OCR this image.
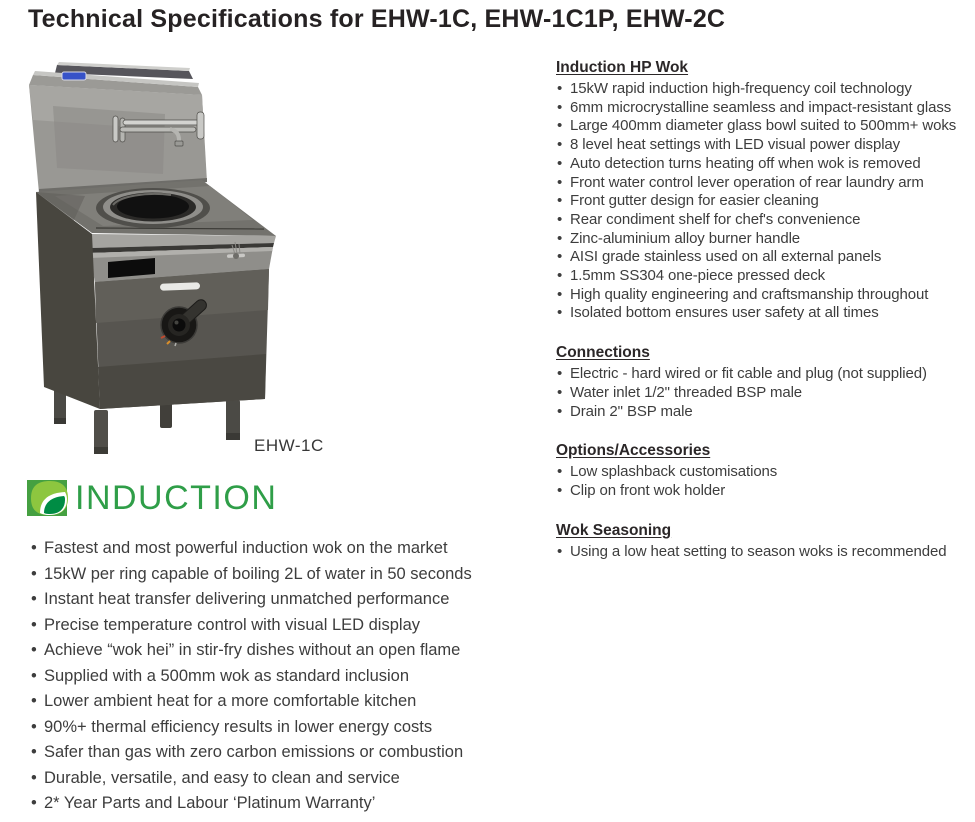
Technical Specifications for EHW-1C, EHW-1C1P, EHW-2C
EHW-1C
INDUCTION
• Fastest and most powerful induction wok on the market
• 15kW per ring capable of boiling 2L of water in 50 seconds
• Instant heat transfer delivering unmatched performance
• Precise temperature control with visual LED display
• Achieve “wok hei” in stir-fry dishes without an open flame
• Supplied with a 500mm wok as standard inclusion
• Lower ambient heat for a more comfortable kitchen
• 90%+ thermal efficiency results in lower energy costs
• Safer than gas with zero carbon emissions or combustion
• Durable, versatile, and easy to clean and service
• 2* Year Parts and Labour ‘Platinum Warranty’
Induction HP Wok
• 15kW rapid induction high-frequency coil technology
• 6mm microcrystalline seamless and impact-resistant glass
• Large 400mm diameter glass bowl suited to 500mm+ woks
• 8 level heat settings with LED visual power display
• Auto detection turns heating off when wok is removed
• Front water control lever operation of rear laundry arm
• Front gutter design for easier cleaning
• Rear condiment shelf for chef's convenience
• Zinc-aluminium alloy burner handle
• AISI grade stainless used on all external panels
• 1.5mm SS304 one-piece pressed deck
• High quality engineering and craftsmanship throughout
• Isolated bottom ensures user safety at all times
Connections
• Electric - hard wired or fit cable and plug (not supplied)
• Water inlet 1/2" threaded BSP male
• Drain 2" BSP male
Options/Accessories
• Low splashback customisations
• Clip on front wok holder
Wok Seasoning
• Using a low heat setting to season woks is recommended
